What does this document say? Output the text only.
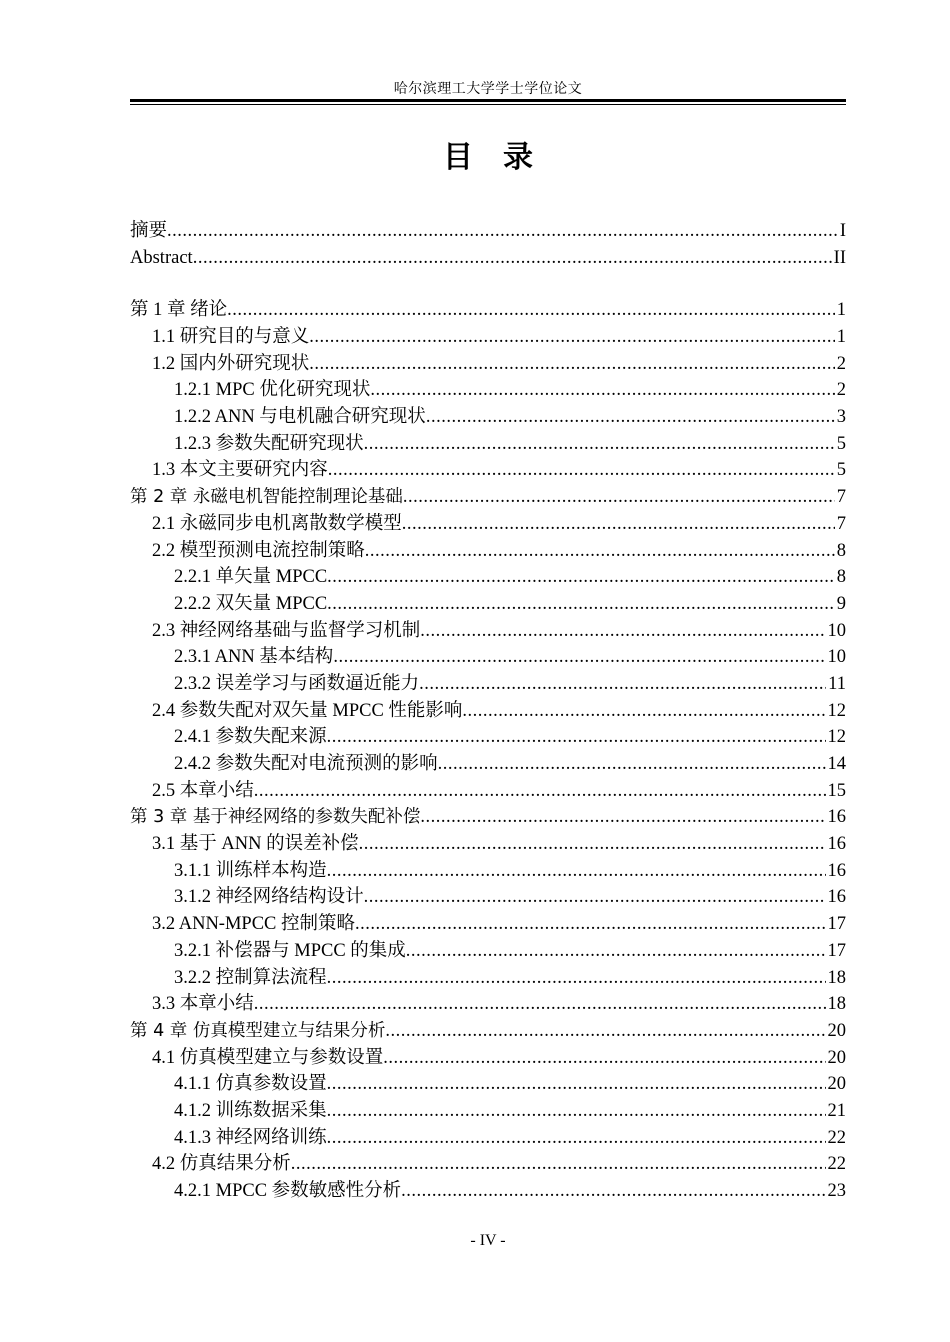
哈尔滨理工大学学士学位论文
目录
摘要 .....	I
Abstract .....	II
第 1 章 绪论 .....	1
1.1 研究目的与意义 .....	1
1.2 国内外研究现状 .....	2
1.2.1 MPC 优化研究现状 .....	2
1.2.2 ANN 与电机融合研究现状 .....	3
1.2.3 参数失配研究现状 .....	5
1.3 本文主要研究内容 .....	5
第 2 章 永磁电机智能控制理论基础 .....	7
2.1 永磁同步电机离散数学模型 .....	7
2.2 模型预测电流控制策略 .....	8
2.2.1 单矢量 MPCC .....	8
2.2.2 双矢量 MPCC .....	9
2.3 神经网络基础与监督学习机制 .....	10
2.3.1 ANN 基本结构 .....	10
2.3.2 误差学习与函数逼近能力 .....	11
2.4 参数失配对双矢量 MPCC 性能影响 .....	12
2.4.1 参数失配来源 .....	12
2.4.2 参数失配对电流预测的影响 .....	14
2.5 本章小结 .....	15
第 3 章 基于神经网络的参数失配补偿 .....	16
3.1 基于 ANN 的误差补偿 .....	16
3.1.1 训练样本构造 .....	16
3.1.2 神经网络结构设计 .....	16
3.2 ANN-MPCC 控制策略 .....	17
3.2.1 补偿器与 MPCC 的集成 .....	17
3.2.2 控制算法流程 .....	18
3.3 本章小结 .....	18
第 4 章 仿真模型建立与结果分析 .....	20
4.1 仿真模型建立与参数设置 .....	20
4.1.1 仿真参数设置 .....	20
4.1.2 训练数据采集 .....	21
4.1.3 神经网络训练 .....	22
4.2 仿真结果分析 .....	22
4.2.1 MPCC 参数敏感性分析 .....	23
- IV -
